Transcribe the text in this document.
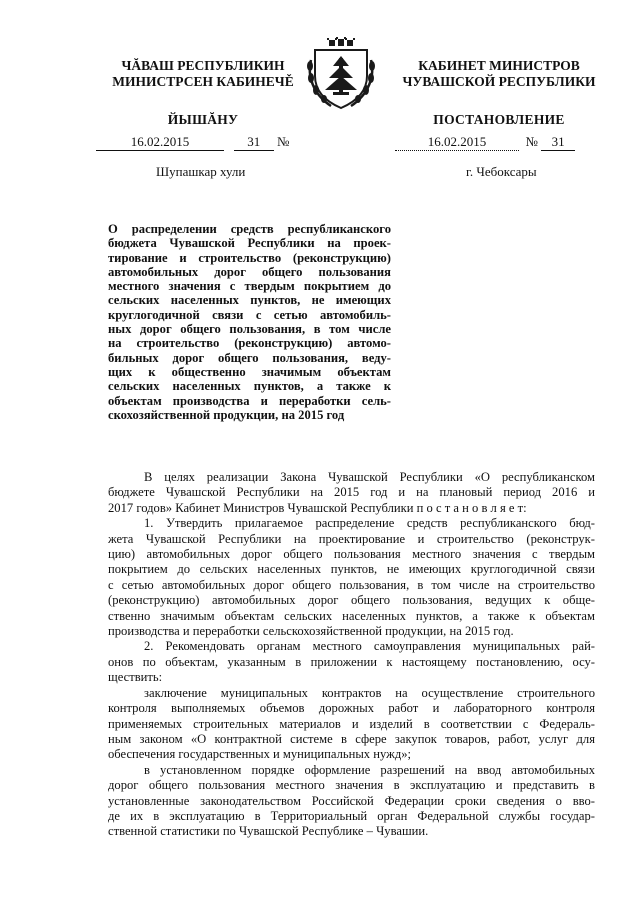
ЧĂВАШ РЕСПУБЛИКИН
МИНИСТРСЕН КАБИНЕЧĚ
ЙЫШĂНУ
КАБИНЕТ МИНИСТРОВ
ЧУВАШСКОЙ РЕСПУБЛИКИ
ПОСТАНОВЛЕНИЕ
16.02.2015	31 №	16.02.2015	№ 31
Шупашкар хули	г. Чебоксары
О распределении средств республиканского
бюджета Чувашской Республики на проек-
тирование и строительство (реконструкцию)
автомобильных дорог общего пользования
местного значения с твердым покрытием до
сельских населенных пунктов, не имеющих
круглогодичной связи с сетью автомобиль-
ных дорог общего пользования, в том числе
на строительство (реконструкцию) автомо-
бильных дорог общего пользования, веду-
щих к общественно значимым объектам
сельских населенных пунктов, а также к
объектам производства и переработки сель-
скохозяйственной продукции, на 2015 год
В целях реализации Закона Чувашской Республики «О республиканском
бюджете Чувашской Республики на 2015 год и на плановый период 2016 и
2017 годов» Кабинет Министров Чувашской Республики п о с т а н о в л я е т:
1. Утвердить прилагаемое распределение средств республиканского бюд-
жета Чувашской Республики на проектирование и строительство (реконструк-
цию) автомобильных дорог общего пользования местного значения с твердым
покрытием до сельских населенных пунктов, не имеющих круглогодичной связи
с сетью автомобильных дорог общего пользования, в том числе на строительство
(реконструкцию) автомобильных дорог общего пользования, ведущих к обще-
ственно значимым объектам сельских населенных пунктов, а также к объектам
производства и переработки сельскохозяйственной продукции, на 2015 год.
2. Рекомендовать органам местного самоуправления муниципальных рай-
онов по объектам, указанным в приложении к настоящему постановлению, осу-
ществить:
заключение муниципальных контрактов на осуществление строительного
контроля выполняемых объемов дорожных работ и лабораторного контроля
применяемых строительных материалов и изделий в соответствии с Федераль-
ным законом «О контрактной системе в сфере закупок товаров, работ, услуг для
обеспечения государственных и муниципальных нужд»;
в установленном порядке оформление разрешений на ввод автомобильных
дорог общего пользования местного значения в эксплуатацию и представить в
установленные законодательством Российской Федерации сроки сведения о вво-
де их в эксплуатацию в Территориальный орган Федеральной службы государ-
ственной статистики по Чувашской Республике – Чувашии.
